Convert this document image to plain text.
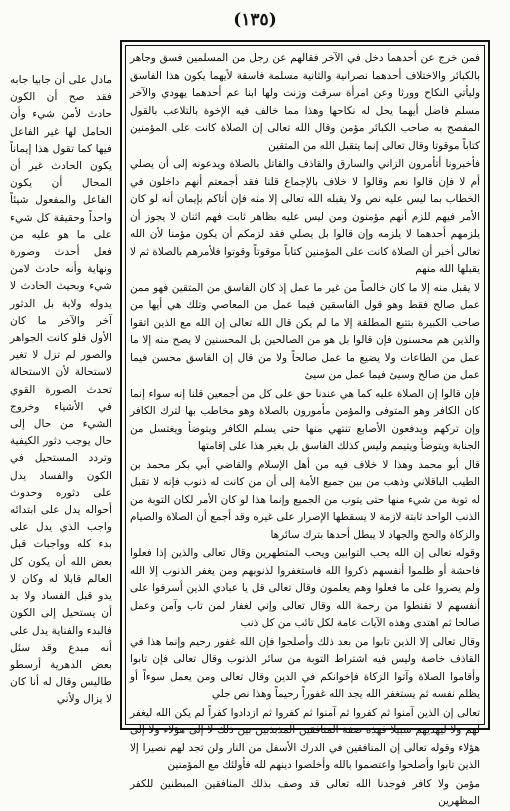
(١٣٥)

مادل على أن جابيا جابه فقد صح أن الكون حادث لأمن شيء وأن الحامل لها غير الفاعل فيها كما تقول هذا إيماناً يكون الحادث غير أن المحال أن يكون الفاعل والمفعول شيئاً واحداً وحقيقة كل شيء على ما هو عليه من فعل أحدث وصورة ونهاية وأنه حادث لامن شيء وبحيث الحادث لا يدوله ولاية بل الدثور آخر والآخر ما كان الأول فلو كانت الجواهر والصور لم تزل لا تغير لاستحالة لأن الاستحالة تحدث الصورة القوي في الأشياء وخروج الشيء من حال إلى حال يوجب دثور الكيفية وتردد المستحيل في الكون والفساد يدل على دثوره وحدوث أحواله يدل على ابتدائه واجب الذي يدل على بدء كله وواجبات قبل بعض الله أن يكون كل العالم قابلا له وكان لا يدو قبل الفساد ولا بد أن يستحيل إلى الكون فالبدء والفناية يدل على أنه مبدع وقد سئل بعض الدهرية أرسطو طاليس وقال له أنا كان لا يزال ولأني

فمن خرج عن أحدهما دخل في الآخر فقالهم عن رجل من المسلمين فسق وجاهر بالكبائر والاختلاف أحدهما نصرانية والثانية مسلمة فاسقة لأيهما يكون هذا الفاسق وليأتي النكاح وورثا وعن امرأة سرقت وزنت ولها ابنا عم أحدهما يهودي والآخر مسلم فاضل أيهما يحل له نكاحها وهذا مما خالف فيه الإخوة بالتلاعب بالقول المفصح به صاحب الكبائر مؤمن وقال الله تعالى إن الصلاة كانت على المؤمنين كتاباً موقوتا وقال تعالى إنما يتقبل الله من المتقين

فأخبرونا أتأمرون الزاني والسارق والقاذف والقاتل بالصلاة ويدعونه إلى أن يصلي أم لا فإن قالوا نعم وقالوا لا خلاف بالإجماع قلنا فقد أجمعتم أنهم داخلون في الخطاب بما ليس عليه نص ولا يقبله الله تعالى إلا منه فإن أتاكم بإيمان أنه لو كان الأمر فيهم للزم أنهم مؤمنون ومن ليس عليه بظاهر ثابت فهم اثنان لا يجوز أن يلزمهم أحدهما لا يلزمه وإن قالوا بل يصلي فقد لزمكم أن يكون مؤمنا لأن الله تعالى أخبر أن الصلاة كانت على المؤمنين كتاباً موقوتاً وقوتوا فلأمرهم بالصلاة ثم لا يقبلها الله منهم

لا يقبل منه إلا ما كان خالصاً من غير ما عمل إذ كان الفاسق من المتقين فهو ممن عمل صالح فقط وهو قول الفاسقين فيما عمل من المعاصي وتلك هي أيها من صاحب الكبيرة بتتبع المطلقة إلا ما لم يكن قال الله تعالى إن الله مع الذين اتقوا والذين هم محسنون فإن قالوا بل هو من الصالحين بل المحسنين لا يصح منه إلا ما عمل من الطاعات ولا يضيع ما عمل صالحاً ولا من قال إن الفاسق محسن فيما عمل من صالح وسيئ فيما عمل من سيئ

فإن قالوا إن الصلاة عليه كما هي عندنا حق على كل من أجمعين قلنا إنه سواء إنما كان الكافر وهو المتوفى والمؤمن مأمورون بالصلاة وهو مخاطب بها لترك الكافر وإن تركهم ويدفعون الأصابع تنتهي منها حتى يسلم الكافر ويتوضأ ويغتسل من الجنابة ويتوضأ ويتيمم وليس كذلك الفاسق بل بغير هذا على إقامتها

قال أبو محمد وهذا لا خلاف فيه من أهل الإسلام والقاضي أبي بكر محمد بن الطيب الباقلاني وذهب من بين جميع الأمة إلى أن من كانت له ذنوب فإنه لا تقبل له توبة من شيء منها حتى يتوب من الجميع وإنما هذا لو كان الأمر لكان التوبة من الذنب الواحد ثابتة لازمة لا يسقطها الإصرار على غيره وقد أجمع أن الصلاة والصيام والزكاة والحج والجهاد لا يبطل أحدها بترك سائرها

وقوله تعالى إن الله يحب التوابين ويحب المتطهرين وقال تعالى والذين إذا فعلوا فاحشة أو ظلموا أنفسهم ذكروا الله فاستغفروا لذنوبهم ومن يغفر الذنوب إلا الله ولم يصروا على ما فعلوا وهم يعلمون وقال تعالى قل يا عبادي الذين أسرفوا على أنفسهم لا تقنطوا من رحمة الله وقال تعالى وإني لغفار لمن تاب وآمن وعمل صالحا ثم اهتدى وهذه الآيات عامة لكل تائب من كل ذنب

وقال تعالى إلا الذين تابوا من بعد ذلك وأصلحوا فإن الله غفور رحيم وإنما هذا في القاذف خاصة وليس فيه اشتراط التوبة من سائر الذنوب وقال تعالى فإن تابوا وأقاموا الصلاة وآتوا الزكاة فإخوانكم في الدين وقال تعالى ومن يعمل سوءاً أو يظلم نفسه ثم يستغفر الله يجد الله غفوراً رحيماً وهذا نص جلي

تعالى إن الذين آمنوا ثم كفروا ثم آمنوا ثم كفروا ثم ازدادوا كفراً لم يكن الله ليغفر لهم ولا ليهديهم سبيلا فهذه صفة المنافقين المذبذبين بين ذلك لا إلى هؤلاء ولا إلى هؤلاء وقوله تعالى إن المنافقين في الدرك الأسفل من النار ولن تجد لهم نصيرا إلا الذين تابوا وأصلحوا واعتصموا بالله وأخلصوا دينهم لله فأولئك مع المؤمنين

مؤمن ولا كافر فوجدنا الله تعالى قد وصف بذلك المنافقين المبطنين للكفر المظهرين
